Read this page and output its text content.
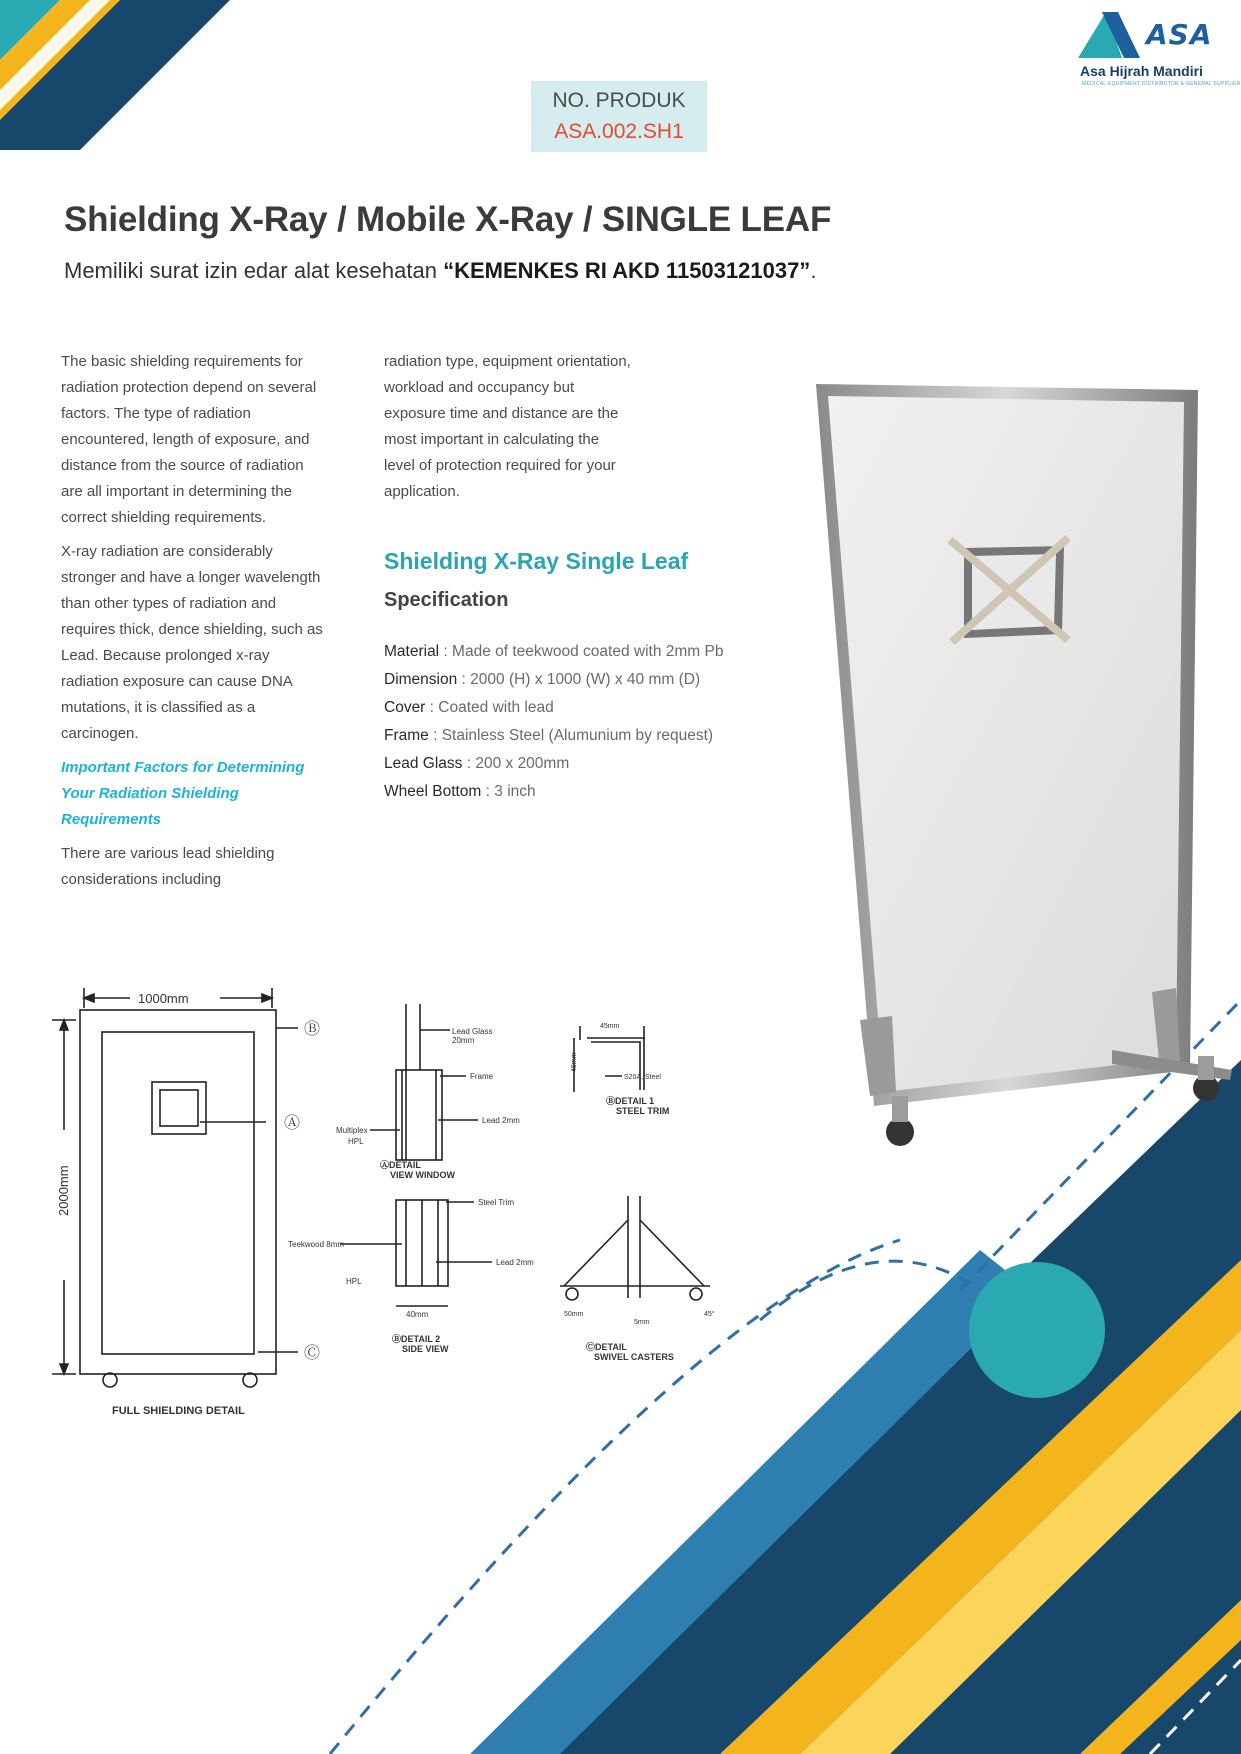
ASA
Asa Hijrah Mandiri
MEDICAL EQUIPMENT DISTRIBUTOR & GENERAL SUPPLIER
NO. PRODUK
ASA.002.SH1
Shielding X-Ray / Mobile X-Ray / SINGLE LEAF
Memiliki surat izin edar alat kesehatan “KEMENKES RI AKD 11503121037”.

The basic shielding requirements for radiation protection depend on several factors. The type of radiation encountered, length of exposure, and distance from the source of radiation are all important in determining the correct shielding requirements.

X-ray radiation are considerably stronger and have a longer wavelength than other types of radiation and requires thick, dence shielding, such as Lead. Because prolonged x-ray radiation exposure can cause DNA mutations, it is classified as a carcinogen.

Important Factors for Determining Your Radiation Shielding Requirements

There are various lead shielding considerations including

radiation type, equipment orientation, workload and occupancy but exposure time and distance are the most important in calculating the level of protection required for your application.

Shielding X-Ray Single Leaf
Specification
Material : Made of teekwood coated with 2mm Pb
Dimension : 2000 (H) x 1000 (W) x 40 mm (D)
Cover : Coated with lead
Frame : Stainless Steel (Alumunium by request)
Lead Glass : 200 x 200mm
Wheel Bottom : 3 inch
1000mm
2000mm
Ⓑ
Ⓐ
Ⓒ
FULL SHIELDING DETAIL
Lead Glass
20mm
Frame
Lead 2mm
Multiplex
HPL
ⒶDETAIL
VIEW WINDOW
Steel Trim
Teekwood 8mm
Lead 2mm
HPL
40mm
ⒷDETAIL 2
SIDE VIEW
45mm
45mm
S20A, Steel
ⒷDETAIL 1
STEEL TRIM
50mm
5mm
45°
ⒸDETAIL
SWIVEL CASTERS
